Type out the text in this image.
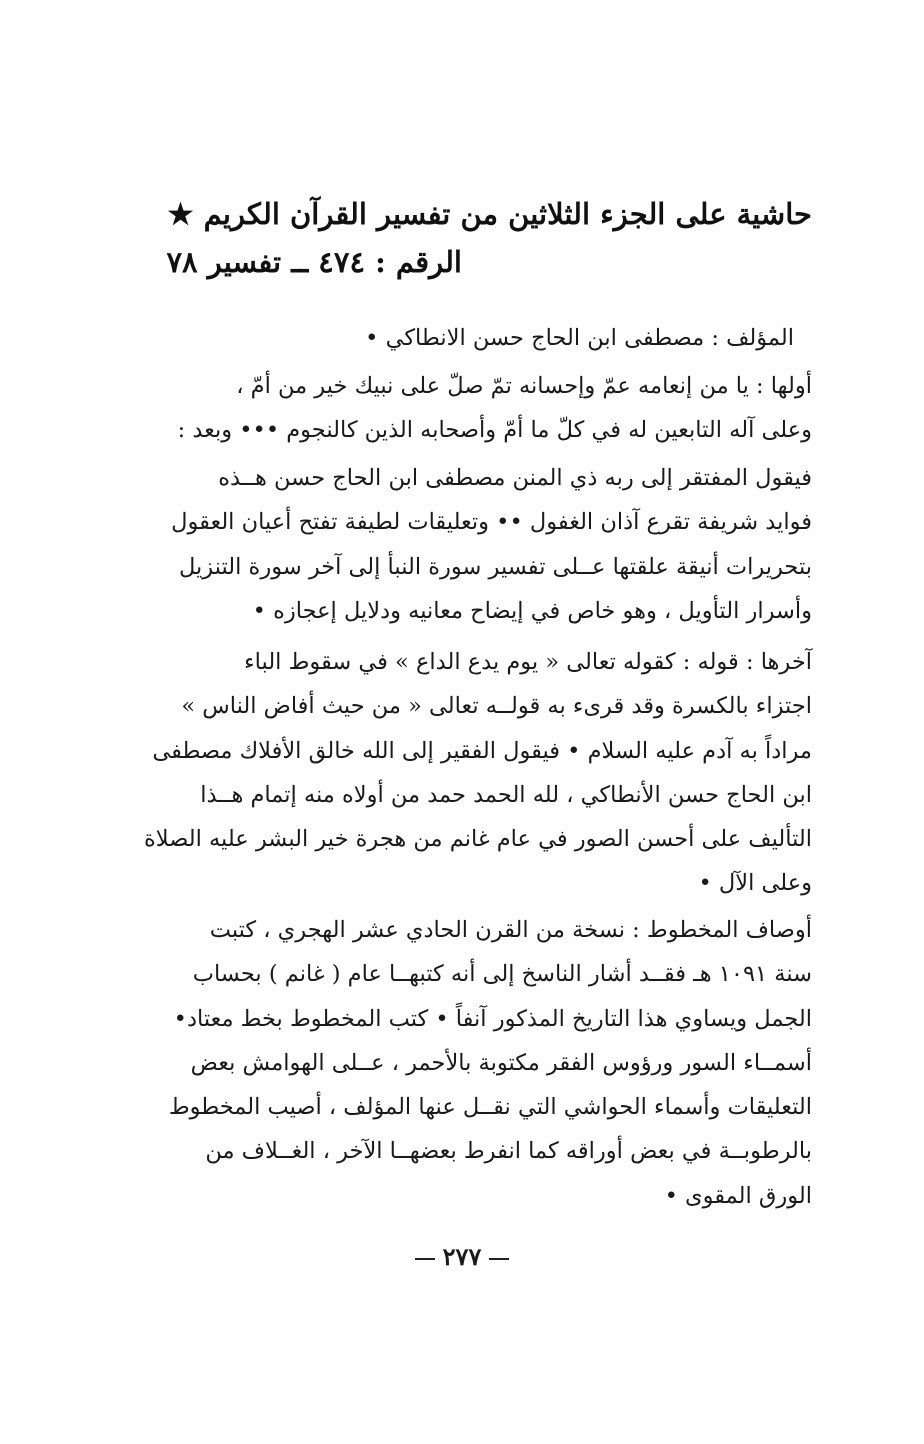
حاشية على الجزء الثلاثين من تفسير القرآن الكريم ★
الرقم : ٤٧٤ ــ تفسير ٧٨
المؤلف : مصطفى ابن الحاج حسن الانطاكي •
أولها : يا من إنعامه عمّ وإحسانه تمّ صلّ على نبيك خير من أمّ ،
وعلى آله التابعين له في كلّ ما أمّ وأصحابه الذين كالنجوم ••• وبعد :
فيقول المفتقر إلى ربه ذي المنن مصطفى ابن الحاج حسن هــذه
فوايد شريفة تقرع آذان الغفول •• وتعليقات لطيفة تفتح أعيان العقول
بتحريرات أنيقة علقتها عــلى تفسير سورة النبأ إلى آخر سورة التنزيل
وأسرار التأويل ، وهو خاص في إيضاح معانيه ودلايل إعجازه •
آخرها : قوله : كقوله تعالى « يوم يدع الداع » في سقوط الباء
اجتزاء بالكسرة وقد قرىء به قولــه تعالى « من حيث أفاض الناس »
مراداً به آدم عليه السلام • فيقول الفقير إلى الله خالق الأفلاك مصطفى
ابن الحاج حسن الأنطاكي ، لله الحمد حمد من أولاه منه إتمام هــذا
التأليف على أحسن الصور في عام غانم من هجرة خير البشر عليه الصلاة
وعلى الآل •
أوصاف المخطوط : نسخة من القرن الحادي عشر الهجري ، كتبت
سنة ١٠٩١ هـ فقــد أشار الناسخ إلى أنه كتبهــا عام ( غانم ) بحساب
الجمل ويساوي هذا التاريخ المذكور آنفاً • كتب المخطوط بخط معتاد•
أسمــاء السور ورؤوس الفقر مكتوبة بالأحمر ، عــلى الهوامش بعض
التعليقات وأسماء الحواشي التي نقــل عنها المؤلف ، أصيب المخطوط
بالرطوبــة في بعض أوراقه كما انفرط بعضهــا الآخر ، الغــلاف من
الورق المقوى •
٢٧٧
